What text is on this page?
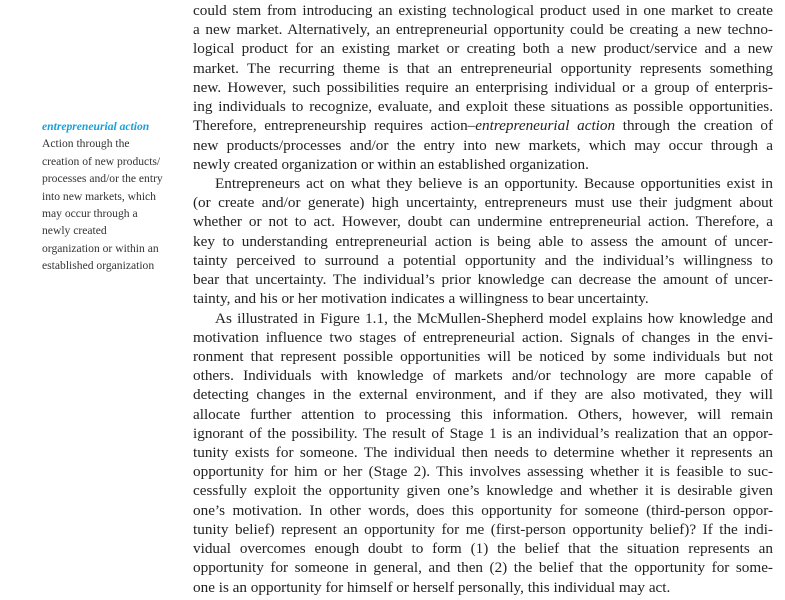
entrepreneurial action
Action through the
creation of new products/
processes and/or the entry
into new markets, which
may occur through a
newly created
organization or within an
established organization
could stem from introducing an existing technological product used in one market to create
a new market. Alternatively, an entrepreneurial opportunity could be creating a new techno-
logical product for an existing market or creating both a new product/service and a new
market. The recurring theme is that an entrepreneurial opportunity represents something
new. However, such possibilities require an enterprising individual or a group of enterpris-
ing individuals to recognize, evaluate, and exploit these situations as possible opportunities.
Therefore, entrepreneurship requires action–entrepreneurial action through the creation of
new products/processes and/or the entry into new markets, which may occur through a
newly created organization or within an established organization.
Entrepreneurs act on what they believe is an opportunity. Because opportunities exist in
(or create and/or generate) high uncertainty, entrepreneurs must use their judgment about
whether or not to act. However, doubt can undermine entrepreneurial action. Therefore, a
key to understanding entrepreneurial action is being able to assess the amount of uncer-
tainty perceived to surround a potential opportunity and the individual’s willingness to
bear that uncertainty. The individual’s prior knowledge can decrease the amount of uncer-
tainty, and his or her motivation indicates a willingness to bear uncertainty.
As illustrated in Figure 1.1, the McMullen-Shepherd model explains how knowledge and
motivation influence two stages of entrepreneurial action. Signals of changes in the envi-
ronment that represent possible opportunities will be noticed by some individuals but not
others. Individuals with knowledge of markets and/or technology are more capable of
detecting changes in the external environment, and if they are also motivated, they will
allocate further attention to processing this information. Others, however, will remain
ignorant of the possibility. The result of Stage 1 is an individual’s realization that an oppor-
tunity exists for someone. The individual then needs to determine whether it represents an
opportunity for him or her (Stage 2). This involves assessing whether it is feasible to suc-
cessfully exploit the opportunity given one’s knowledge and whether it is desirable given
one’s motivation. In other words, does this opportunity for someone (third-person oppor-
tunity belief) represent an opportunity for me (first-person opportunity belief)? If the indi-
vidual overcomes enough doubt to form (1) the belief that the situation represents an
opportunity for someone in general, and then (2) the belief that the opportunity for some-
one is an opportunity for himself or herself personally, this individual may act.
